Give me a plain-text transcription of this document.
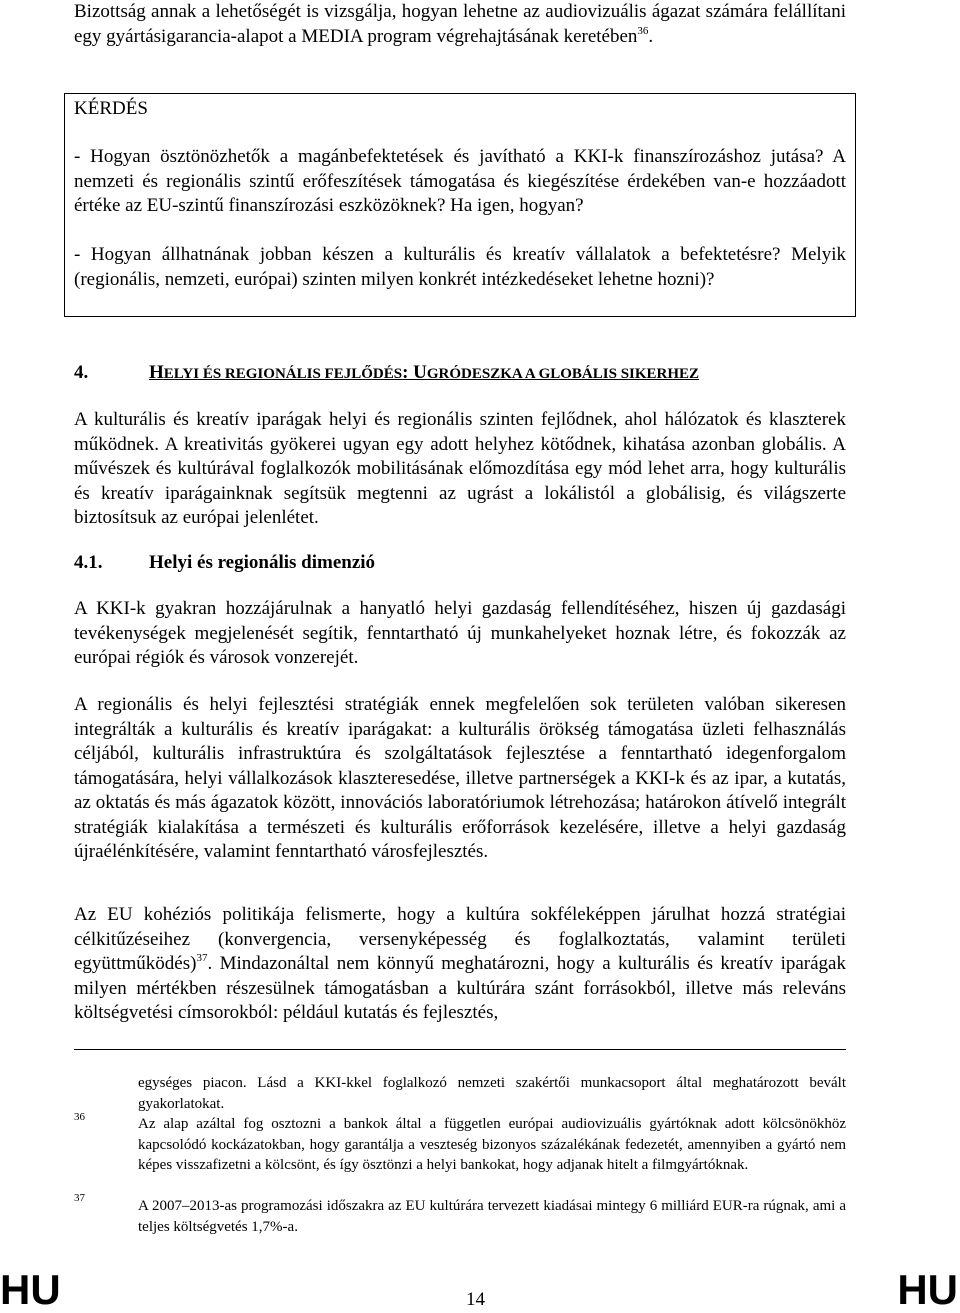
Bizottság annak a lehetőségét is vizsgálja, hogyan lehetne az audiovizuális ágazat számára felállítani egy gyártásigarancia-alapot a MEDIA program végrehajtásának keretében$^{36}$.
KÉRDÉS
- Hogyan ösztönözhetők a magánbefektetések és javítható a KKI-k finanszírozáshoz jutása? A nemzeti és regionális szintű erőfeszítések támogatása és kiegészítése érdekében van-e hozzáadott értéke az EU-szintű finanszírozási eszközöknek? Ha igen, hogyan?
- Hogyan állhatnának jobban készen a kulturális és kreatív vállalatok a befektetésre? Melyik (regionális, nemzeti, európai) szinten milyen konkrét intézkedéseket lehetne hozni)?
4.	HELYI ÉS REGIONÁLIS FEJLŐDÉS: UGRÓDESZKA A GLOBÁLIS SIKERHEZ
A kulturális és kreatív iparágak helyi és regionális szinten fejlődnek, ahol hálózatok és klaszterek működnek. A kreativitás gyökerei ugyan egy adott helyhez kötődnek, kihatása azonban globális. A művészek és kultúrával foglalkozók mobilitásának előmozdítása egy mód lehet arra, hogy kulturális és kreatív iparágainknak segítsük megtenni az ugrást a lokálistól a globálisig, és világszerte biztosítsuk az európai jelenlétet.
4.1. Helyi és regionális dimenzió
A KKI-k gyakran hozzájárulnak a hanyatló helyi gazdaság fellendítéséhez, hiszen új gazdasági tevékenységek megjelenését segítik, fenntartható új munkahelyeket hoznak létre, és fokozzák az európai régiók és városok vonzerejét.
A regionális és helyi fejlesztési stratégiák ennek megfelelően sok területen valóban sikeresen integrálták a kulturális és kreatív iparágakat: a kulturális örökség támogatása üzleti felhasználás céljából, kulturális infrastruktúra és szolgáltatások fejlesztése a fenntartható idegenforgalom támogatására, helyi vállalkozások klaszteresedése, illetve partnerségek a KKI-k és az ipar, a kutatás, az oktatás és más ágazatok között, innovációs laboratóriumok létrehozása; határokon átívelő integrált stratégiák kialakítása a természeti és kulturális erőforrások kezelésére, illetve a helyi gazdaság újraélénkítésére, valamint fenntartható városfejlesztés.
Az EU kohéziós politikája felismerte, hogy a kultúra sokféleképpen járulhat hozzá stratégiai célkitűzéseihez (konvergencia, versenyképesség és foglalkoztatás, valamint területi együttműködés)$^{37}$. Mindazonáltal nem könnyű meghatározni, hogy a kulturális és kreatív iparágak milyen mértékben részesülnek támogatásban a kultúrára szánt forrásokból, illetve más releváns költségvetési címsorokból: például kutatás és fejlesztés,
egységes piacon. Lásd a KKI-kkel foglalkozó nemzeti szakértői munkacsoport által meghatározott bevált gyakorlatokat.
36	Az alap azáltal fog osztozni a bankok által a független európai audiovizuális gyártóknak adott kölcsönökhöz kapcsolódó kockázatokban, hogy garantálja a veszteség bizonyos százalékának fedezetét, amennyiben a gyártó nem képes visszafizetni a kölcsönt, és így ösztönzi a helyi bankokat, hogy adjanak hitelt a filmgyártóknak.
37	A 2007–2013-as programozási időszakra az EU kultúrára tervezett kiadásai mintegy 6 milliárd EUR-ra rúgnak, ami a teljes költségvetés 1,7%-a.
HU	14	HU
